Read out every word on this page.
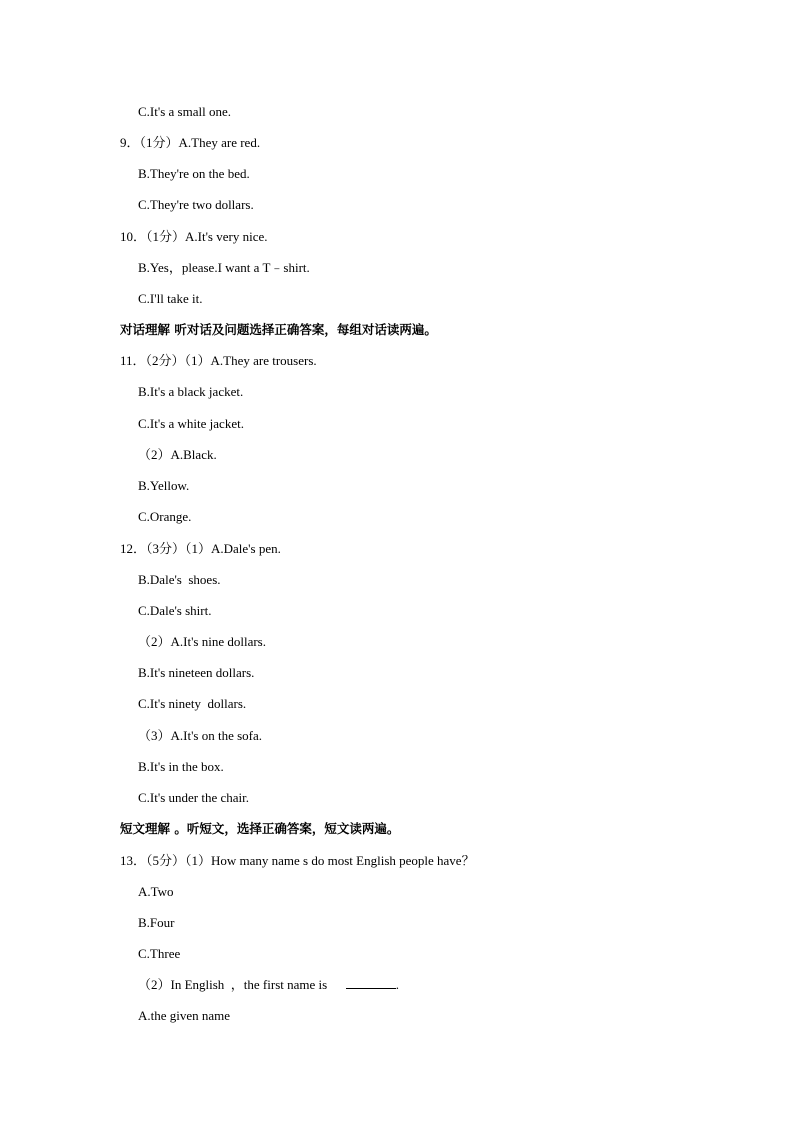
C.It's a small one.
9．（1分）A.They are red.
B.They're on the bed.
C.They're two dollars.
10．（1分）A.It's very nice.
B.Yes，please.I want a T﹣shirt.
C.I'll take it.
对话理解 听对话及问题选择正确答案，每组对话读两遍。
11．（2分）（1）A.They are trousers.
B.It's a black jacket.
C.It's a white jacket.
（2）A.Black.
B.Yellow.
C.Orange.
12．（3分）（1）A.Dale's pen.
B.Dale's  shoes.
C.Dale's shirt.
（2）A.It's nine dollars.
B.It's nineteen dollars.
C.It's ninety  dollars.
（3）A.It's on the sofa.
B.It's in the box.
C.It's under the chair.
短文理解 。听短文，选择正确答案，短文读两遍。
13．（5分）（1）How many name s do most English people have？
A.Two
B.Four
C.Three
（2）In English  ，the first name is	.
A.the given name
